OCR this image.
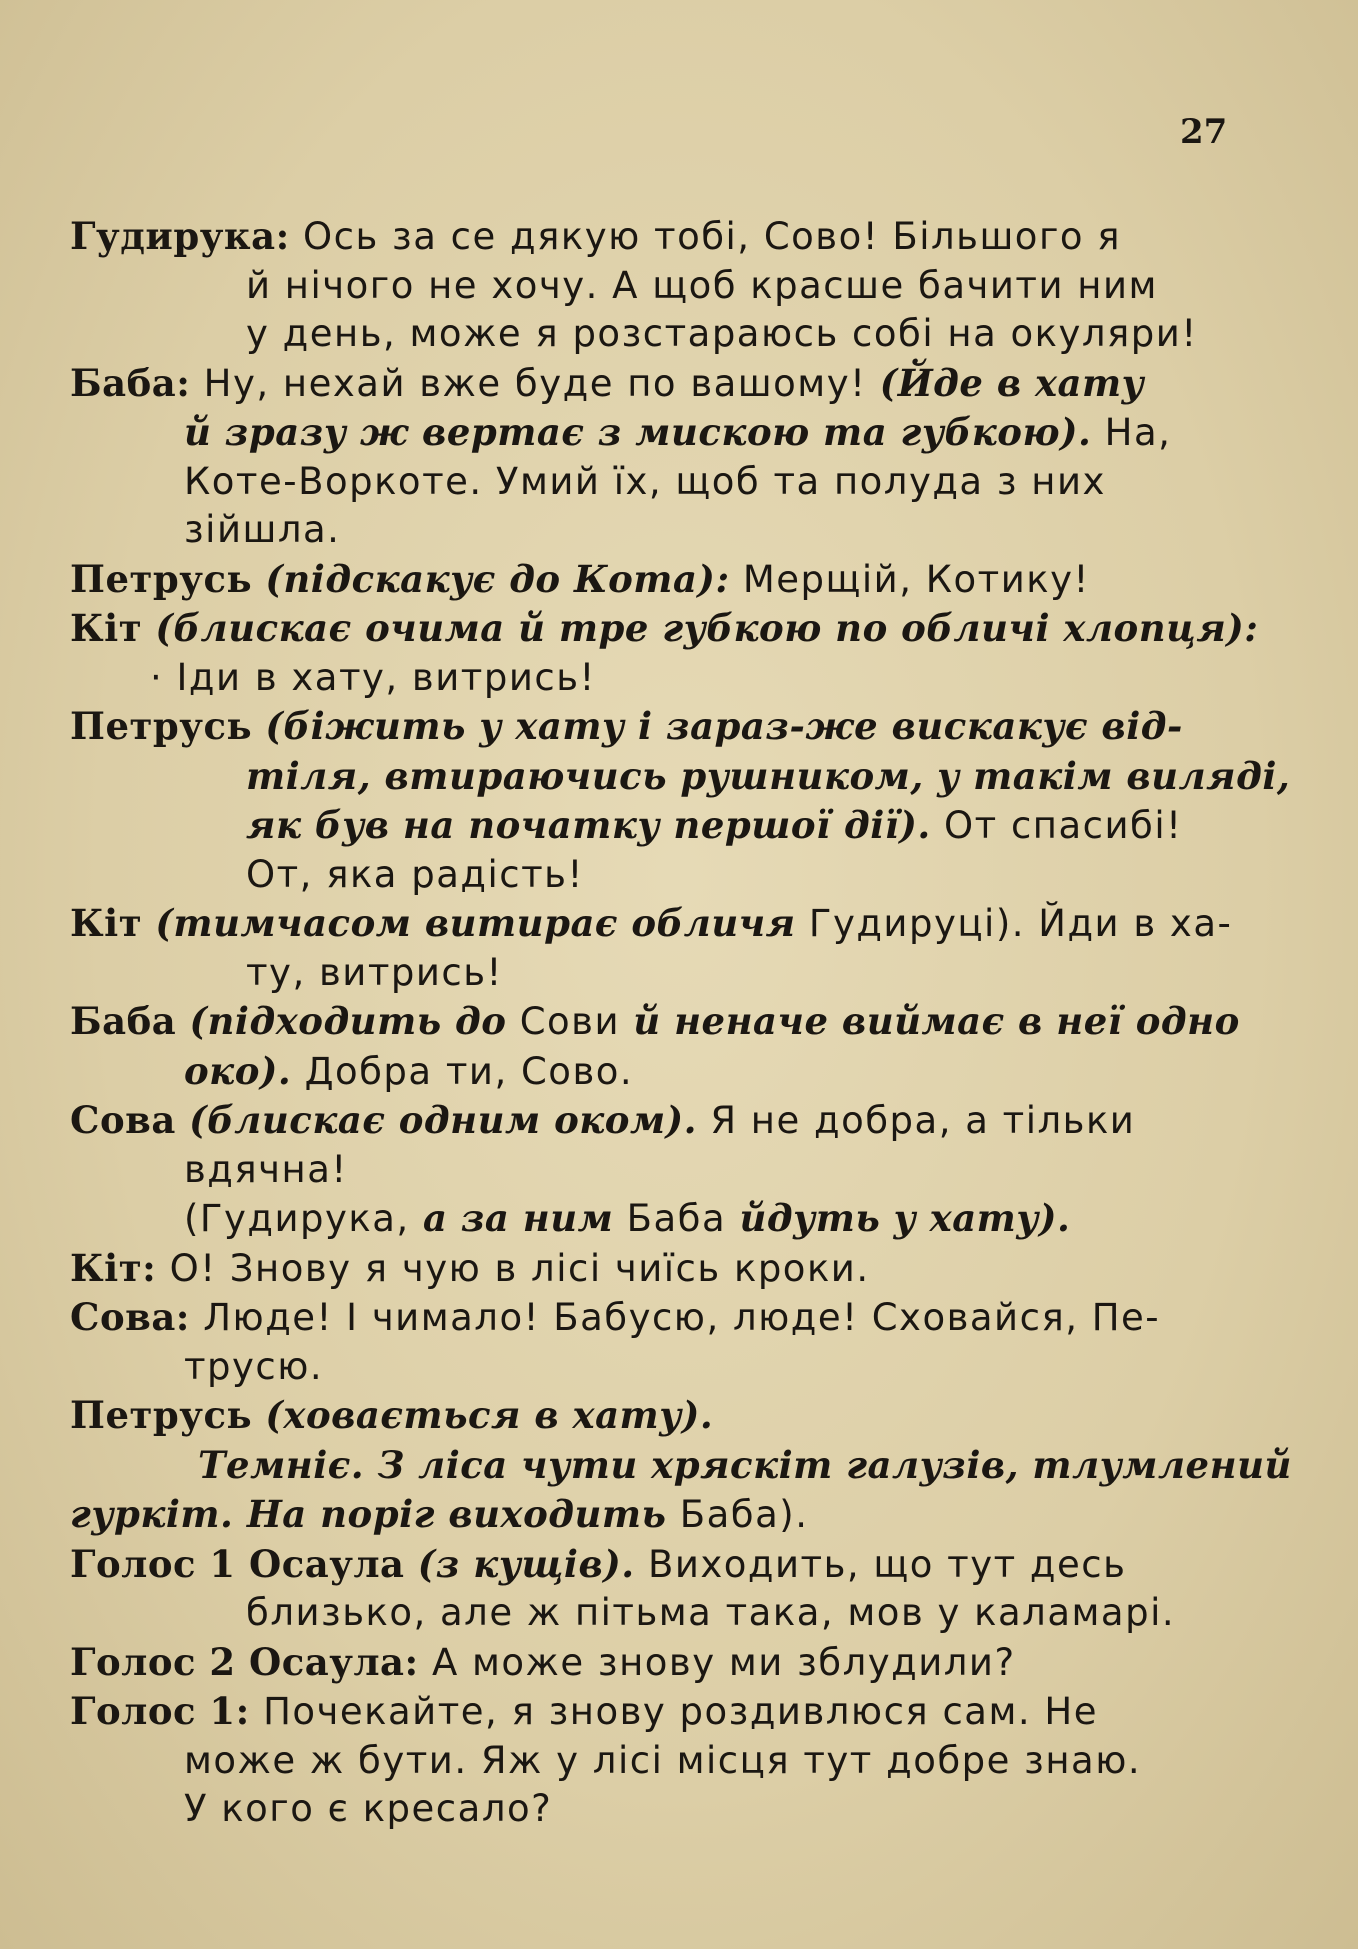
27
Гудирука: Ось за се дякую тобі, Сово! Більшого я
й нічого не хочу. А щоб красше бачити ним
у день, може я розстараюсь собі на окуляри!
Баба: Ну, нехай вже буде по вашому! (Йде в хату
й зразу ж вертає з мискою та губкою). На,
Коте-Воркоте. Умий їх, щоб та полуда з них
зійшла.
Петрусь (підскакує до Кота): Мерщій, Котику!
Кіт (блискає очима й тре губкою по обличі хлопця):
· Іди в хату, витрись!
Петрусь (біжить у хату і зараз-же вискакує від-
тіля, втираючись рушником, у такім виляді,
як був на початку першої дії). От спасибі!
От, яка радість!
Кіт (тимчасом витирає обличя Гудируці). Йди в ха-
ту, витрись!
Баба (підходить до Сови й неначе виймає в неї одно
око). Добра ти, Сово.
Сова (блискає одним оком). Я не добра, а тільки
вдячна!
(Гудирука, а за ним Баба йдуть у хату).
Кіт: О! Знову я чую в лісі чиїсь кроки.
Сова: Люде! І чимало! Бабусю, люде! Сховайся, Пе-
трусю.
Петрусь (ховається в хату).
Темніє. З ліса чути хряскіт галузів, тлумлений
гуркіт. На поріг виходить Баба).
Голос 1 Осаула (з кущів). Виходить, що тут десь
близько, але ж пітьма така, мов у каламарі.
Голос 2 Осаула: А може знову ми зблудили?
Голос 1: Почекайте, я знову роздивлюся сам. Не
може ж бути. Яж у лісі місця тут добре знаю.
У кого є кресало?
